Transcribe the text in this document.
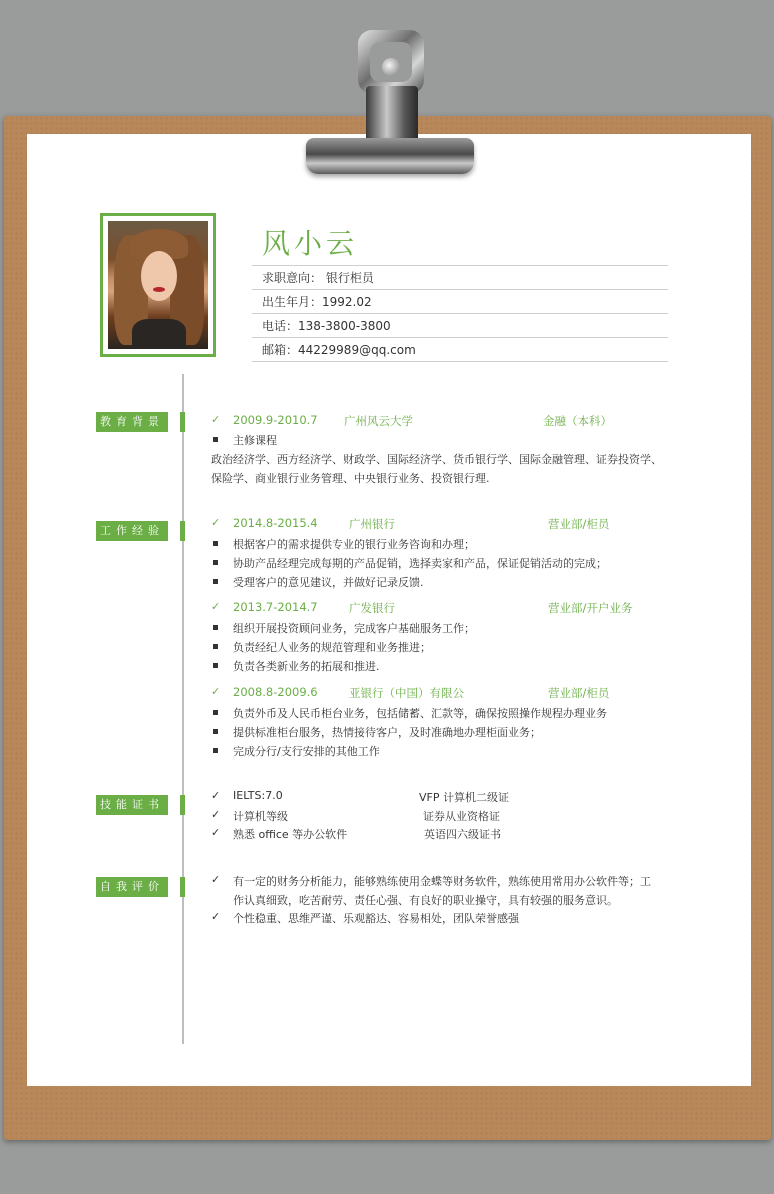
风小云
求职意向： 银行柜员
出生年月：1992.02
电话：138-3800-3800
邮箱：44229989@qq.com
教育背景	✓ 2009.9-2010.7 广州风云大学	金融（本科）
主修课程
政治经济学、西方经济学、财政学、国际经济学、货币银行学、国际金融管理、证券投资学、
保险学、商业银行业务管理、中央银行业务、投资银行理.
工作经验
✓ 2014.8-2015.4	广州银行	营业部/柜员
根据客户的需求提供专业的银行业务咨询和办理；
协助产品经理完成每期的产品促销，选择卖家和产品，保证促销活动的完成；
受理客户的意见建议，并做好记录反馈.
✓ 2013.7-2014.7	广发银行	营业部/开户业务
组织开展投资顾问业务，完成客户基础服务工作；
负责经纪人业务的规范管理和业务推进；
负责各类新业务的拓展和推进.
✓ 2008.8-2009.6	亚银行（中国）有限公	营业部/柜员
负责外币及人民币柜台业务，包括储蓄、汇款等，确保按照操作规程办理业务
提供标准柜台服务，热情接待客户，及时准确地办理柜面业务；
完成分行/支行安排的其他工作
技能证书
✓ IELTS:7.0	VFP 计算机二级证
✓ 计算机等级	证券从业资格证
✓ 熟悉 office 等办公软件	英语四六级证书
自我评价
✓ 有一定的财务分析能力，能够熟练使用金蝶等财务软件，熟练使用常用办公软件等；工
作认真细致，吃苦耐劳、责任心强、有良好的职业操守，具有较强的服务意识。
✓ 个性稳重、思维严谨、乐观豁达、容易相处，团队荣誉感强
